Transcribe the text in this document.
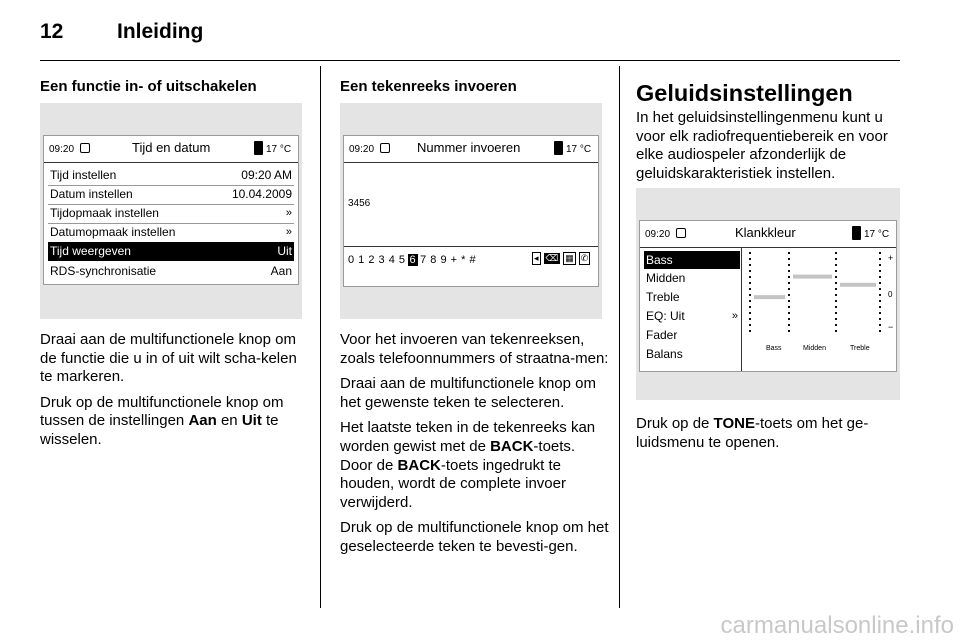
12	Inleiding

Een functie in- of uitschakelen

09:20	Tijd en datum	17 °C
Tijd instellen	09:20 AM
Datum instellen	10.04.2009
Tijdopmaak instellen	»
Datumopmaak instellen	»
Tijd weergeven	Uit
RDS-synchronisatie	Aan

Draai aan de multifunctionele knop om de functie die u in of uit wilt scha-kelen te markeren.

Druk op de multifunctionele knop om tussen de instellingen Aan en Uit te wisselen.

Een tekenreeks invoeren

09:20	Nummer invoeren	17 °C
3456
0 1 2 3 4 5 6 7 8 9 + * #	◂ ⌫ ▦ ✆

Voor het invoeren van tekenreeksen, zoals telefoonnummers of straatna-men:

Draai aan de multifunctionele knop om het gewenste teken te selecteren.

Het laatste teken in de tekenreeks kan worden gewist met de BACK-toets. Door de BACK-toets ingedrukt te houden, wordt de complete invoer verwijderd.

Druk op de multifunctionele knop om het geselecteerde teken te bevesti-gen.

Geluidsinstellingen

In het geluidsinstellingenmenu kunt u voor elk radiofrequentiebereik en voor elke audiospeler afzonderlijk de geluidskarakteristiek instellen.

09:20	Klankkleur	17 °C
Bass
Midden
Treble
EQ: Uit	»
Fader
Balans
+
0
−
Bass	Midden	Treble

Druk op de TONE-toets om het ge-luidsmenu te openen.

carmanualsonline.info
